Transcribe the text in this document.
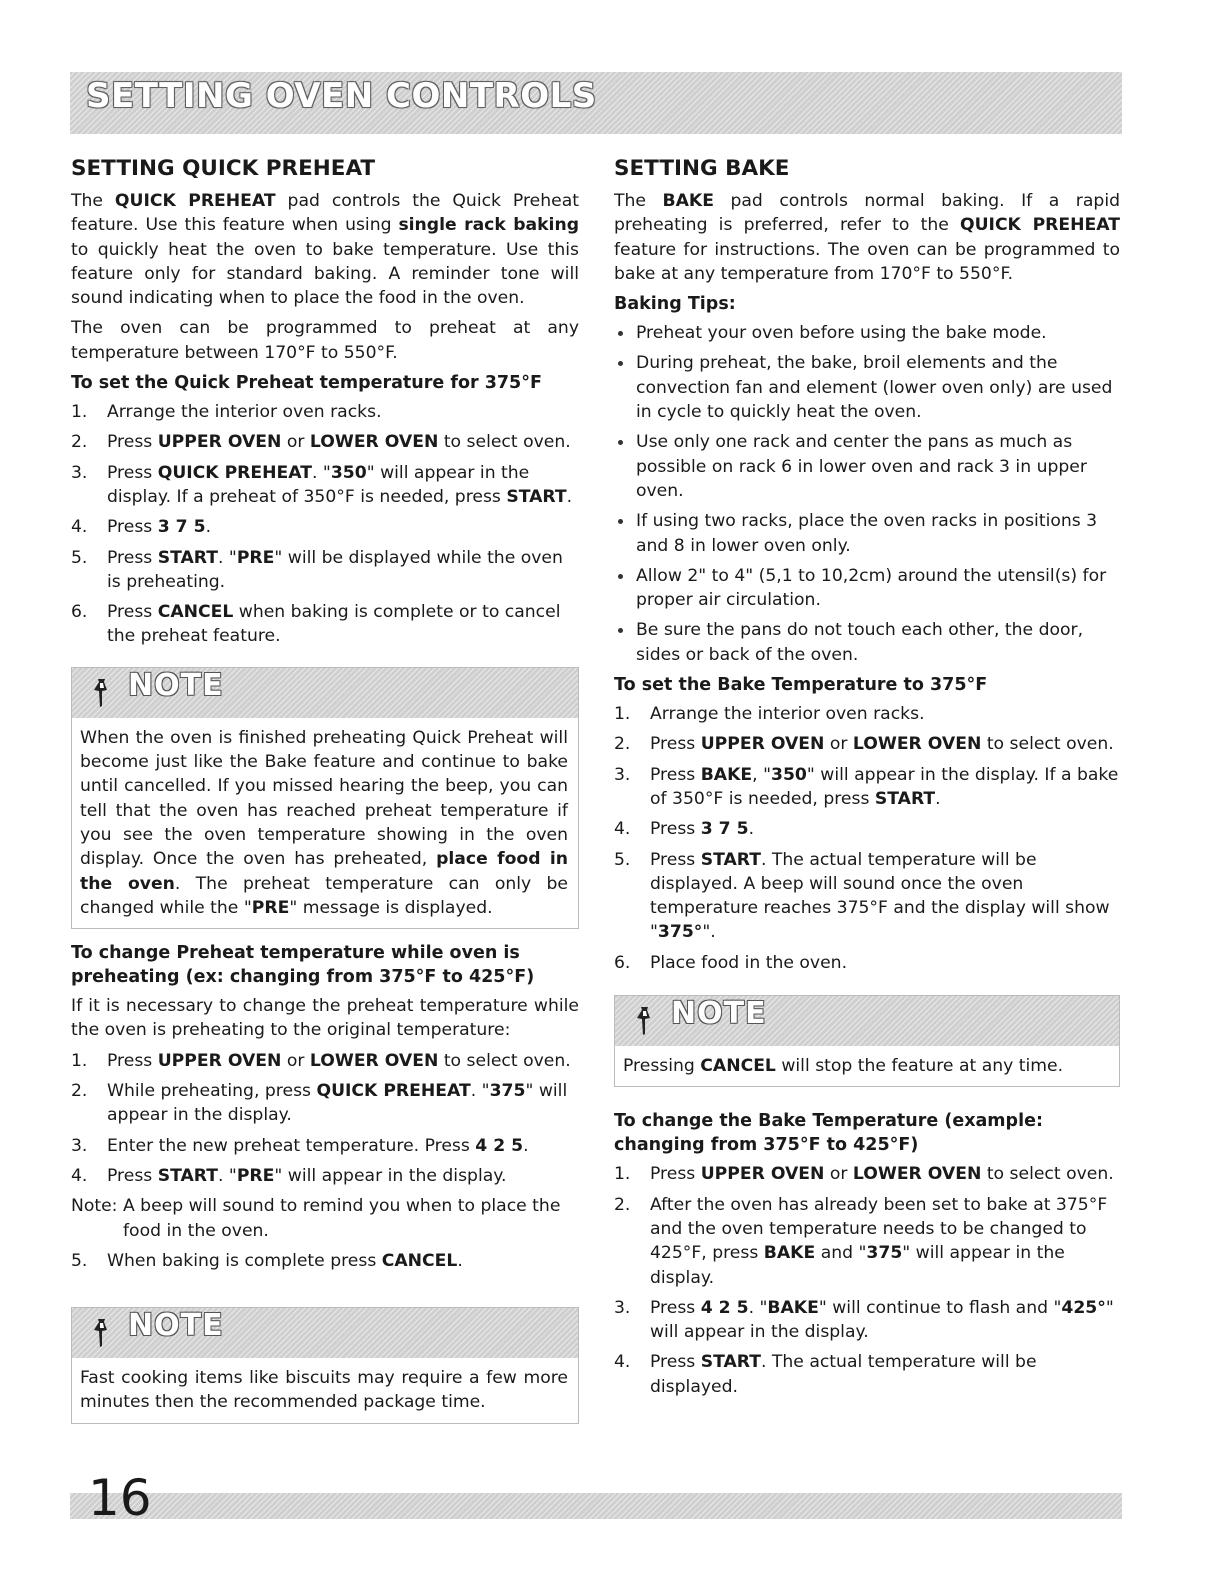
SETTING OVEN CONTROLS
SETTING QUICK PREHEAT

The QUICK PREHEAT pad controls the Quick Preheat feature. Use this feature when using single rack baking to quickly heat the oven to bake temperature. Use this feature only for standard baking. A reminder tone will sound indicating when to place the food in the oven.

The oven can be programmed to preheat at any temperature between 170°F to 550°F.

To set the Quick Preheat temperature for 375°F
1. Arrange the interior oven racks.
2. Press UPPER OVEN or LOWER OVEN to select oven.
3. Press QUICK PREHEAT. "350" will appear in the display. If a preheat of 350°F is needed, press START.
4. Press 3 7 5.
5. Press START. "PRE" will be displayed while the oven is preheating.
6. Press CANCEL when baking is complete or to cancel the preheat feature.
NOTE

When the oven is finished preheating Quick Preheat will become just like the Bake feature and continue to bake until cancelled. If you missed hearing the beep, you can tell that the oven has reached preheat temperature if you see the oven temperature showing in the oven display. Once the oven has preheated, place food in the oven. The preheat temperature can only be changed while the "PRE" message is displayed.

To change Preheat temperature while oven is preheating (ex: changing from 375°F to 425°F)

If it is necessary to change the preheat temperature while the oven is preheating to the original temperature:

1. Press UPPER OVEN or LOWER OVEN to select oven.
2. While preheating, press QUICK PREHEAT. "375" will appear in the display.
3. Enter the new preheat temperature. Press 4 2 5.
4. Press START. "PRE" will appear in the display.
Note: A beep will sound to remind you when to place the food in the oven.
5. When baking is complete press CANCEL.
NOTE

Fast cooking items like biscuits may require a few more minutes then the recommended package time.

SETTING BAKE

The BAKE pad controls normal baking. If a rapid preheating is preferred, refer to the QUICK PREHEAT feature for instructions. The oven can be programmed to bake at any temperature from 170°F to 550°F.

Baking Tips:
Preheat your oven before using the bake mode.
During preheat, the bake, broil elements and the convection fan and element (lower oven only) are used in cycle to quickly heat the oven.
Use only one rack and center the pans as much as possible on rack 6 in lower oven and rack 3 in upper oven.
If using two racks, place the oven racks in positions 3 and 8 in lower oven only.
Allow 2" to 4" (5,1 to 10,2cm) around the utensil(s) for proper air circulation.
Be sure the pans do not touch each other, the door, sides or back of the oven.
To set the Bake Temperature to 375°F
1. Arrange the interior oven racks.
2. Press UPPER OVEN or LOWER OVEN to select oven.
3. Press BAKE, "350" will appear in the display. If a bake of 350°F is needed, press START.
4. Press 3 7 5.
5. Press START. The actual temperature will be displayed. A beep will sound once the oven temperature reaches 375°F and the display will show "375°".
6. Place food in the oven.
NOTE

Pressing CANCEL will stop the feature at any time.

To change the Bake Temperature (example: changing from 375°F to 425°F)
1. Press UPPER OVEN or LOWER OVEN to select oven.
2. After the oven has already been set to bake at 375°F and the oven temperature needs to be changed to 425°F, press BAKE and "375" will appear in the display.
3. Press 4 2 5. "BAKE" will continue to flash and "425°" will appear in the display.
4. Press START. The actual temperature will be displayed.
16
